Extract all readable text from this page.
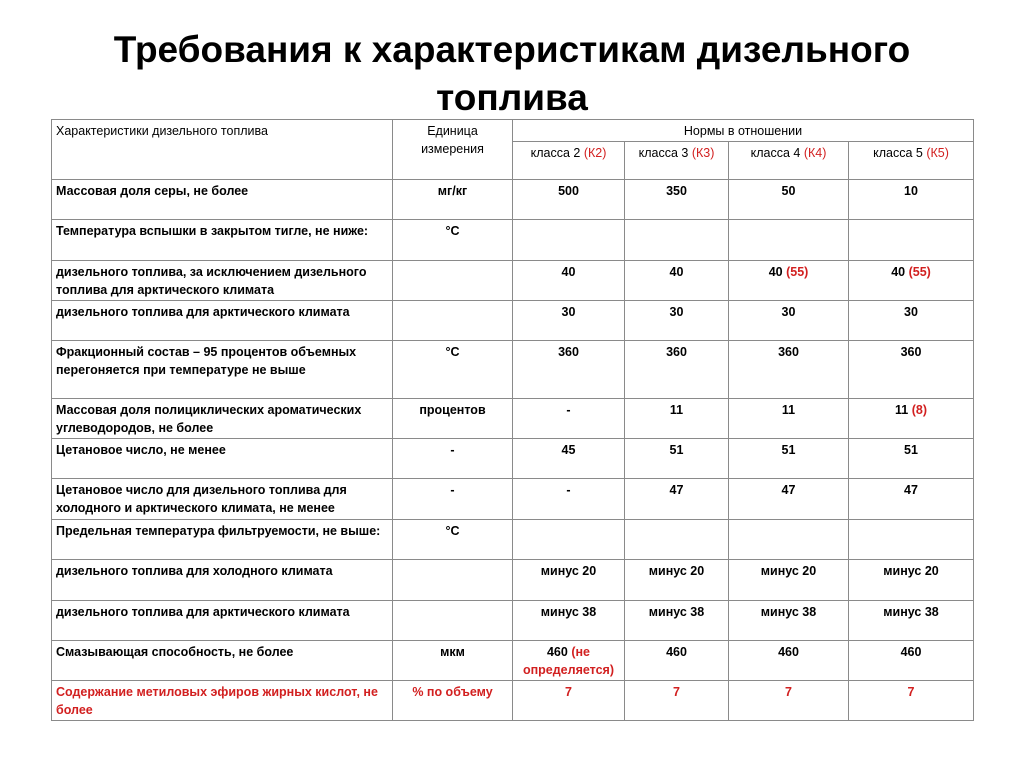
Требования к характеристикам дизельного
топлива
Характеристики дизельного топлива	Единица измерения	Нормы в отношении			
		класса 2 (К2)	класса 3 (К3)	класса 4 (К4)	класса 5 (К5)
Массовая доля серы, не более	мг/кг	500	350	50	10
Температура вспышки в закрытом тигле, не ниже:	°С				
дизельного топлива, за исключением дизельного топлива для арктического климата		40	40	40 (55)	40 (55)
дизельного топлива для арктического климата		30	30	30	30
Фракционный состав – 95 процентов объемных перегоняется при температуре не выше	°С	360	360	360	360
Массовая доля полициклических ароматических углеводородов, не более	процентов	-	11	11	11 (8)
Цетановое число, не менее	-	45	51	51	51
Цетановое число для дизельного топлива для холодного и арктического климата, не менее	-	-	47	47	47
Предельная температура фильтруемости, не выше:	°С				
дизельного топлива для холодного климата		минус 20	минус 20	минус 20	минус 20
дизельного топлива для арктического климата		минус 38	минус 38	минус 38	минус 38
Смазывающая способность, не более	мкм	460 (не определяется)	460	460	460
Содержание метиловых эфиров жирных кислот, не более	% по объему	7	7	7	7
